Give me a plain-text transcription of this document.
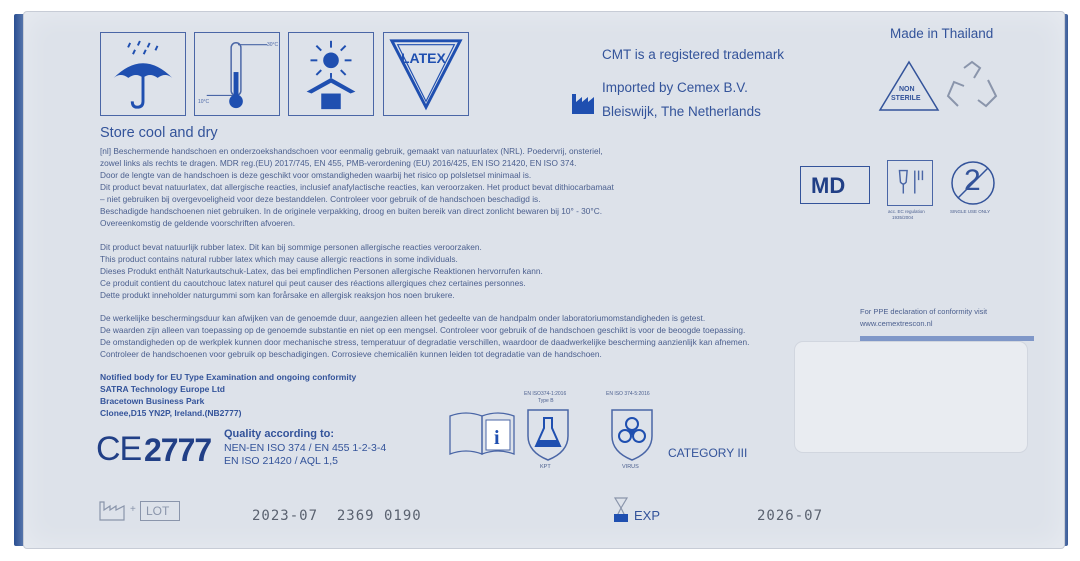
30°C
10°C
LATEX	CMT is a registered trademark
Imported by Cemex B.V.
Bleiswijk, The Netherlands
Made in Thailand
NON
STERILE
Store cool and dry
[nl] Beschermende handschoen en onderzoekshandschoen voor eenmalig gebruik, gemaakt van natuurlatex (NRL). Poedervrij, onsteriel,
zowel links als rechts te dragen. MDR reg.(EU) 2017/745, EN 455, PMB-verordening (EU) 2016/425, EN ISO 21420, EN ISO 374.
Door de lengte van de handschoen is deze geschikt voor omstandigheden waarbij het risico op polsletsel minimaal is.
Dit product bevat natuurlatex, dat allergische reacties, inclusief anafylactische reacties, kan veroorzaken. Het product bevat dithiocarbamaat
– niet gebruiken bij overgevoeligheid voor deze bestanddelen. Controleer voor gebruik of de handschoen beschadigd is.
Beschadigde handschoenen niet gebruiken. In de originele verpakking, droog en buiten bereik van direct zonlicht bewaren bij 10° - 30°C.
Overeenkomstig de geldende voorschriften afvoeren.
Dit product bevat natuurlijk rubber latex. Dit kan bij sommige personen allergische reacties veroorzaken.
This product contains natural rubber latex which may cause allergic reactions in some individuals.
Dieses Produkt enthält Naturkautschuk-Latex, das bei empfindlichen Personen allergische Reaktionen hervorrufen kann.
Ce produit contient du caoutchouc latex naturel qui peut causer des réactions allergiques chez certaines personnes.
Dette produkt inneholder naturgummi som kan forårsake en allergisk reaksjon hos noen brukere.
De werkelijke beschermingsduur kan afwijken van de genoemde duur, aangezien alleen het gedeelte van de handpalm onder laboratoriumomstandigheden is getest.
De waarden zijn alleen van toepassing op de genoemde substantie en niet op een mengsel. Controleer voor gebruik of de handschoen geschikt is voor de beoogde toepassing.
De omstandigheden op de werkplek kunnen door mechanische stress, temperatuur of degradatie verschillen, waardoor de daadwerkelijke bescherming aanzienlijk kan afnemen.
Controleer de handschoenen voor gebruik op beschadigingen. Corrosieve chemicaliën kunnen leiden tot degradatie van de handschoen.
MD
acc. EC regulation
1935/2004
2
SINGLE USE ONLY
For PPE declaration of conformity visit
www.cemextrescon.nl
Notified body for EU Type Examination and ongoing conformity
SATRA Technology Europe Ltd
Bracetown Business Park
Clonee,D15 YN2P, Ireland.(NB2777)
CE 2777 Quality according to:
NEN-EN ISO 374 / EN 455 1-2-3-4
EN ISO 21420 / AQL 1,5
i
EN ISO374-1:2016
Type B
KPT
EN ISO 374-5:2016
VIRUS
CATEGORY III
+ LOT	2023-07  2369 0190	EXP	2026-07
